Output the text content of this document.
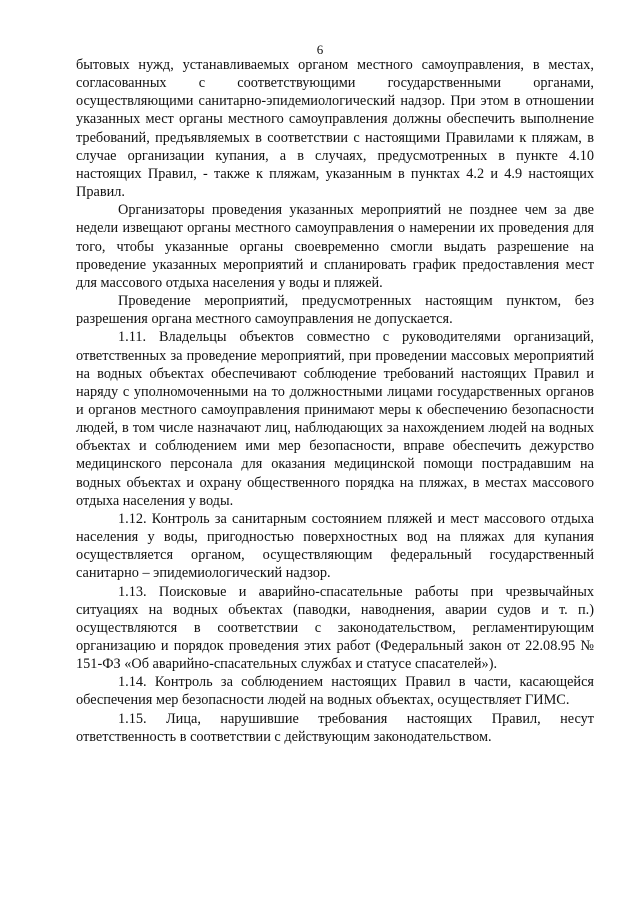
6

бытовых нужд, устанавливаемых органом местного самоуправления, в местах, согласованных с соответствующими государственными органами, осуществляющими санитарно-эпидемиологический надзор. При этом в отношении указанных мест органы местного самоуправления должны обеспечить выполнение требований, предъявляемых в соответствии с настоящими Правилами к пляжам, в случае организации купания, а в случаях, предусмотренных в пункте 4.10 настоящих Правил, - также к пляжам, указанным в пунктах 4.2 и 4.9 настоящих Правил.

Организаторы проведения указанных мероприятий не позднее чем за две недели извещают органы местного самоуправления о намерении их проведения для того, чтобы указанные органы своевременно смогли выдать разрешение на проведение указанных мероприятий и спланировать график предоставления мест для массового отдыха населения у воды и пляжей.

Проведение мероприятий, предусмотренных настоящим пунктом, без разрешения органа местного самоуправления не допускается.

1.11. Владельцы объектов совместно с руководителями организаций, ответственных за проведение мероприятий, при проведении массовых мероприятий на водных объектах обеспечивают соблюдение требований настоящих Правил и наряду с уполномоченными на то должностными лицами государственных органов и органов местного самоуправления принимают меры к обеспечению безопасности людей, в том числе назначают лиц, наблюдающих за нахождением людей на водных объектах и соблюдением ими мер безопасности, вправе обеспечить дежурство медицинского персонала для оказания медицинской помощи пострадавшим на водных объектах и охрану общественного порядка на пляжах, в местах массового отдыха населения у воды.

1.12. Контроль за санитарным состоянием пляжей и мест массового отдыха населения у воды, пригодностью поверхностных вод на пляжах для купания осуществляется органом, осуществляющим федеральный государственный санитарно – эпидемиологический надзор.

1.13. Поисковые и аварийно-спасательные работы при чрезвычайных ситуациях на водных объектах (паводки, наводнения, аварии судов и т. п.) осуществляются в соответствии с законодательством, регламентирующим организацию и порядок проведения этих работ (Федеральный закон от 22.08.95 № 151-ФЗ «Об аварийно-спасательных службах и статусе спасателей»).

1.14. Контроль за соблюдением настоящих Правил в части, касающейся обеспечения мер безопасности людей на водных объектах, осуществляет ГИМС.

1.15. Лица, нарушившие требования настоящих Правил, несут ответственность в соответствии с действующим законодательством.
